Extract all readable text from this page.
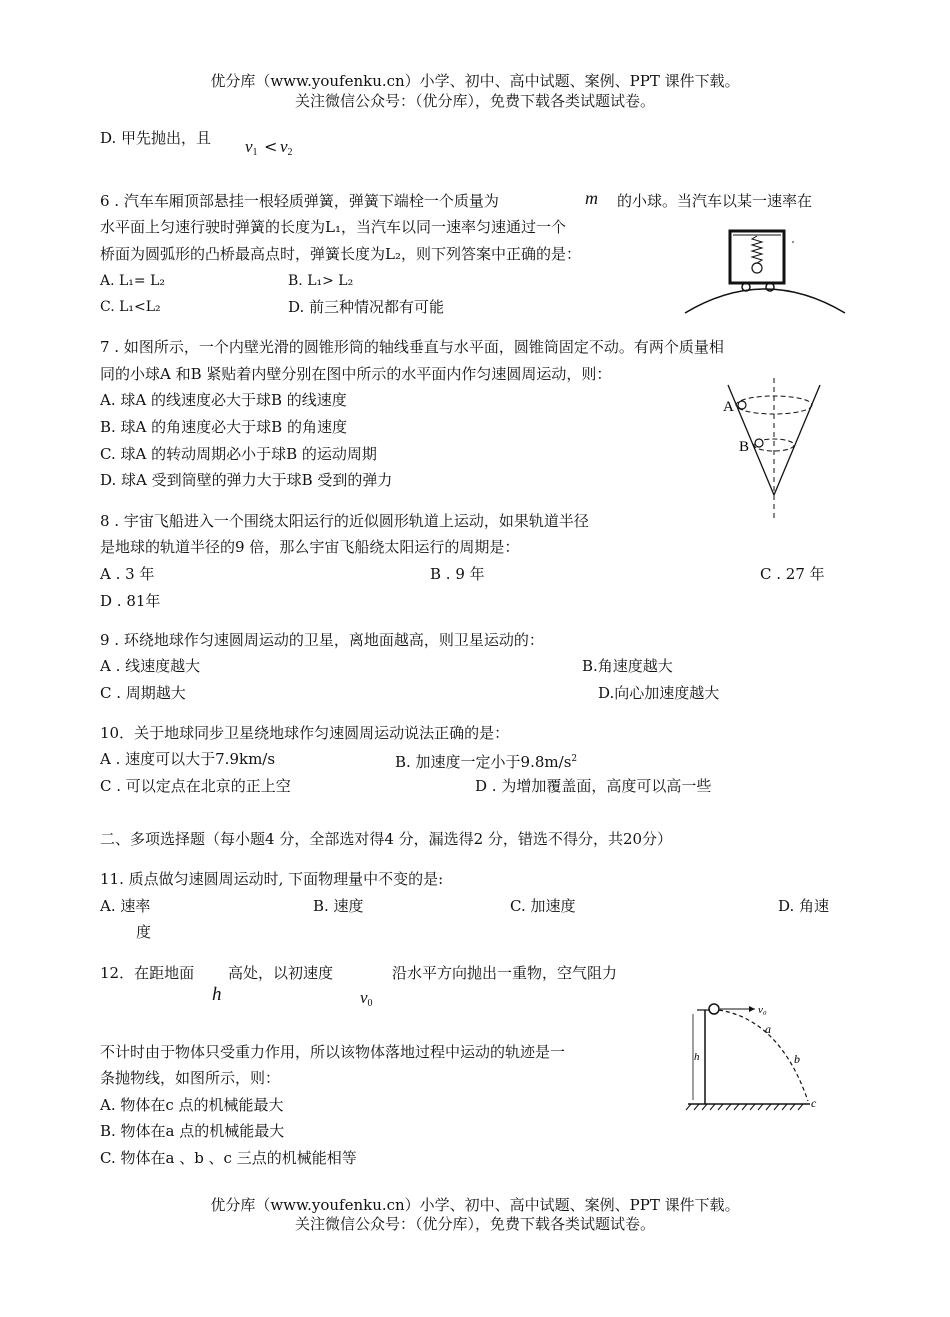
优分库（www.youfenku.cn）小学、初中、高中试题、案例、PPT 课件下载。
关注微信公众号：（优分库），免费下载各类试题试卷。
D. 甲先抛出，且 $v_1 < v_2$
6 . 汽车车厢顶部悬挂一根轻质弹簧，弹簧下端栓一个质量为	m 的小球。当汽车以某一速率在
水平面上匀速行驶时弹簧的长度为L₁，当汽车以同一速率匀速通过一个
桥面为圆弧形的凸桥最高点时，弹簧长度为L₂，则下列答案中正确的是：
A. L₁= L₂	B. L₁> L₂
C. L₁<L₂	D. 前三种情况都有可能
7 . 如图所示，一个内壁光滑的圆锥形筒的轴线垂直与水平面，圆锥筒固定不动。有两个质量相
同的小球A 和B 紧贴着内壁分别在图中所示的水平面内作匀速圆周运动，则：
A. 球A 的线速度必大于球B 的线速度
B. 球A 的角速度必大于球B 的角速度
C. 球A 的转动周期必小于球B 的运动周期
D. 球A 受到筒壁的弹力大于球B 受到的弹力
A
B
8 . 宇宙飞船进入一个围绕太阳运行的近似圆形轨道上运动，如果轨道半径
是地球的轨道半径的9 倍，那么宇宙飞船绕太阳运行的周期是：
A . 3 年	B . 9 年	C . 27 年
D . 81年
9 . 环绕地球作匀速圆周运动的卫星，离地面越高，则卫星运动的：
A . 线速度越大	B.角速度越大
C . 周期越大	D.向心加速度越大
10．关于地球同步卫星绕地球作匀速圆周运动说法正确的是：
A . 速度可以大于7.9km/s	B. 加速度一定小于$9.8m/s^2$
C . 可以定点在北京的正上空	D . 为增加覆盖面，高度可以高一些
二、多项选择题（每小题4 分，全部选对得4 分，漏选得2 分，错选不得分，共20分）
11. 质点做匀速圆周运动时, 下面物理量中不变的是:
A. 速率	B. 速度	C. 加速度	D. 角速
度
12．在距地面 高处，以初速度	沿水平方向抛出一重物，空气阻力
h	$v_0$
不计时由于物体只受重力作用，所以该物体落地过程中运动的轨迹是一
条抛物线，如图所示，则：
A. 物体在c 点的机械能最大
B. 物体在a 点的机械能最大
C. 物体在a 、b 、c 三点的机械能相等
v₀
a
b
c
h
优分库（www.youfenku.cn）小学、初中、高中试题、案例、PPT 课件下载。
关注微信公众号：（优分库），免费下载各类试题试卷。
